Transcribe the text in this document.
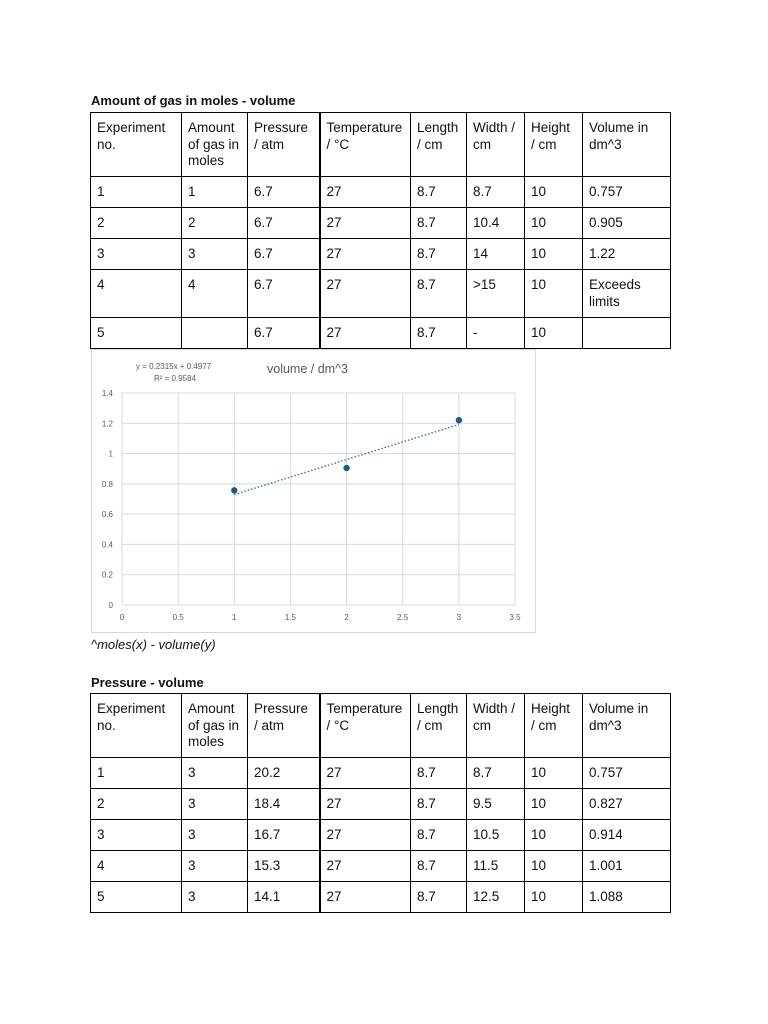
Amount of gas in moles - volume
Experiment no.	Amount of gas in moles	Pressure / atm	Temperature / °C	Length / cm	Width / cm	Height / cm	Volume in dm^3
1	1	6.7	27	8.7	8.7	10	0.757
2	2	6.7	27	8.7	10.4	10	0.905
3	3	6.7	27	8.7	14	10	1.22
4	4	6.7	27	8.7	>15	10	Exceeds limits
5		6.7	27	8.7	-	10	
0
0.2
0.4
0.6
0.8
1
1.2
1.4
0	0.5	1	1.5	2	2.5	3	3.5
volume / dm^3
y = 0.2315x + 0.4977
R² = 0.9584
^moles(x) - volume(y)
Pressure - volume
Experiment no.	Amount of gas in moles	Pressure / atm	Temperature / °C	Length / cm	Width / cm	Height / cm	Volume in dm^3
1	3	20.2	27	8.7	8.7	10	0.757
2	3	18.4	27	8.7	9.5	10	0.827
3	3	16.7	27	8.7	10.5	10	0.914
4	3	15.3	27	8.7	11.5	10	1.001
5	3	14.1	27	8.7	12.5	10	1.088
